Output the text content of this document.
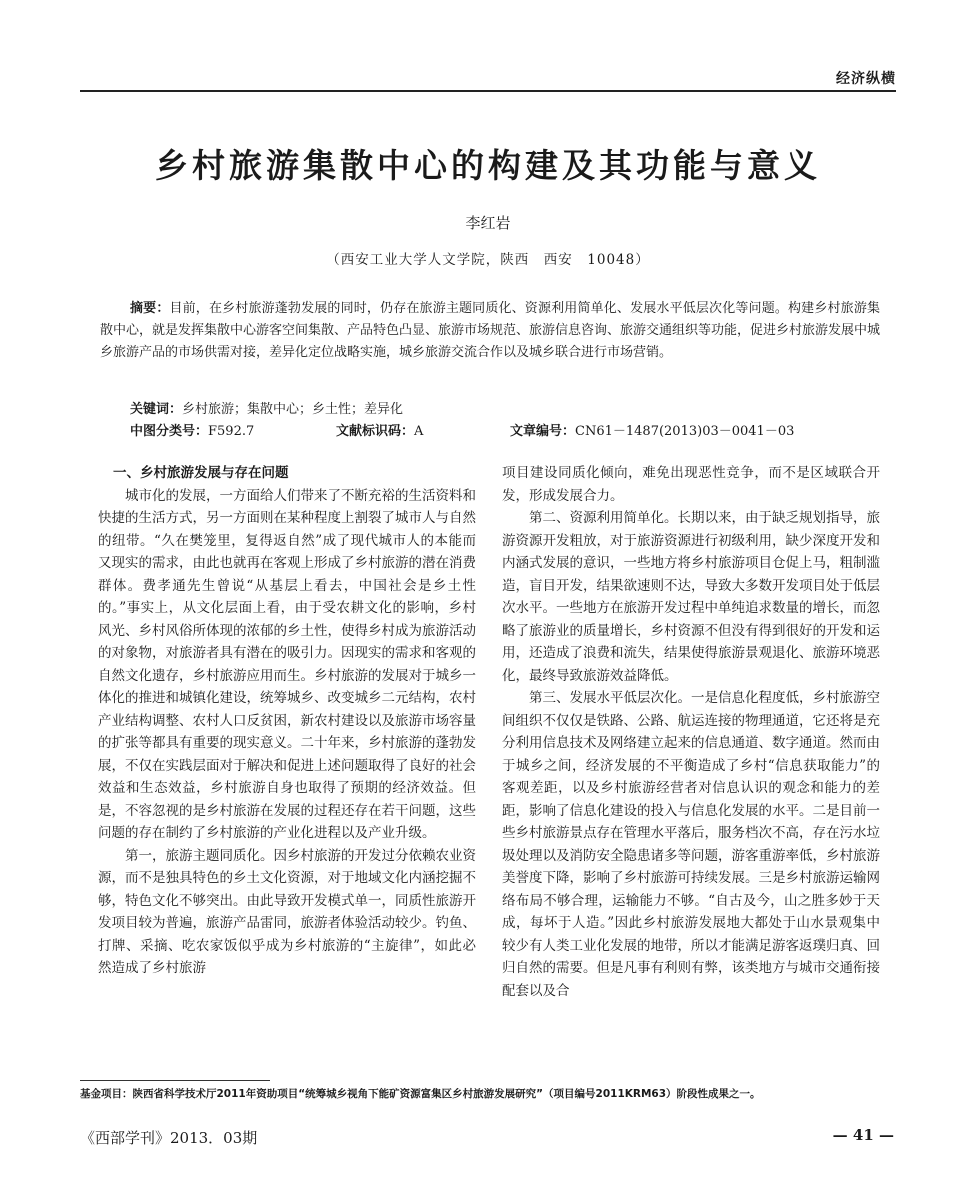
经济纵横
乡村旅游集散中心的构建及其功能与意义
李红岩
（西安工业大学人文学院，陕西　西安　10048）
摘要：目前，在乡村旅游蓬勃发展的同时，仍存在旅游主题同质化、资源利用简单化、发展水平低层次化等问题。构建乡村旅游集散中心，就是发挥集散中心游客空间集散、产品特色凸显、旅游市场规范、旅游信息咨询、旅游交通组织等功能，促进乡村旅游发展中城乡旅游产品的市场供需对接，差异化定位战略实施，城乡旅游交流合作以及城乡联合进行市场营销。
关键词：乡村旅游；集散中心；乡土性；差异化
中图分类号：F592.7	文献标识码：A	文章编号：CN61－1487(2013)03－0041－03
一、乡村旅游发展与存在问题

城市化的发展，一方面给人们带来了不断充裕的生活资料和快捷的生活方式，另一方面则在某种程度上割裂了城市人与自然的纽带。“久在樊笼里，复得返自然”成了现代城市人的本能而又现实的需求，由此也就再在客观上形成了乡村旅游的潜在消费群体。费孝通先生曾说“从基层上看去，中国社会是乡土性的。”事实上，从文化层面上看，由于受农耕文化的影响，乡村风光、乡村风俗所体现的浓郁的乡土性，使得乡村成为旅游活动的对象物，对旅游者具有潜在的吸引力。因现实的需求和客观的自然文化遗存，乡村旅游应用而生。乡村旅游的发展对于城乡一体化的推进和城镇化建设，统筹城乡、改变城乡二元结构，农村产业结构调整、农村人口反贫困，新农村建设以及旅游市场容量的扩张等都具有重要的现实意义。二十年来，乡村旅游的蓬勃发展，不仅在实践层面对于解决和促进上述问题取得了良好的社会效益和生态效益，乡村旅游自身也取得了预期的经济效益。但是，不容忽视的是乡村旅游在发展的过程还存在若干问题，这些问题的存在制约了乡村旅游的产业化进程以及产业升级。

第一，旅游主题同质化。因乡村旅游的开发过分依赖农业资源，而不是独具特色的乡土文化资源，对于地域文化内涵挖掘不够，特色文化不够突出。由此导致开发模式单一，同质性旅游开发项目较为普遍，旅游产品雷同，旅游者体验活动较少。钓鱼、打牌、采摘、吃农家饭似乎成为乡村旅游的“主旋律”，如此必然造成了乡村旅游

项目建设同质化倾向，难免出现恶性竞争，而不是区域联合开发，形成发展合力。

第二、资源利用简单化。长期以来，由于缺乏规划指导，旅游资源开发粗放，对于旅游资源进行初级利用，缺少深度开发和内涵式发展的意识，一些地方将乡村旅游项目仓促上马，粗制滥造，盲目开发，结果欲速则不达，导致大多数开发项目处于低层次水平。一些地方在旅游开发过程中单纯追求数量的增长，而忽略了旅游业的质量增长，乡村资源不但没有得到很好的开发和运用，还造成了浪费和流失，结果使得旅游景观退化、旅游环境恶化，最终导致旅游效益降低。

第三、发展水平低层次化。一是信息化程度低，乡村旅游空间组织不仅仅是铁路、公路、航运连接的物理通道，它还将是充分利用信息技术及网络建立起来的信息通道、数字通道。然而由于城乡之间，经济发展的不平衡造成了乡村“信息获取能力”的客观差距，以及乡村旅游经营者对信息认识的观念和能力的差距，影响了信息化建设的投入与信息化发展的水平。二是目前一些乡村旅游景点存在管理水平落后，服务档次不高，存在污水垃圾处理以及消防安全隐患诸多等问题，游客重游率低，乡村旅游美誉度下降，影响了乡村旅游可持续发展。三是乡村旅游运输网络布局不够合理，运输能力不够。“自古及今，山之胜多妙于天成，每坏于人造。”因此乡村旅游发展地大都处于山水景观集中较少有人类工业化发展的地带，所以才能满足游客返璞归真、回归自然的需要。但是凡事有利则有弊，该类地方与城市交通衔接配套以及合

基金项目：陕西省科学技术厅2011年资助项目“统筹城乡视角下能矿资源富集区乡村旅游发展研究”（项目编号2011KRM63）阶段性成果之一。
《西部学刊》2013．03期	— 41 —
